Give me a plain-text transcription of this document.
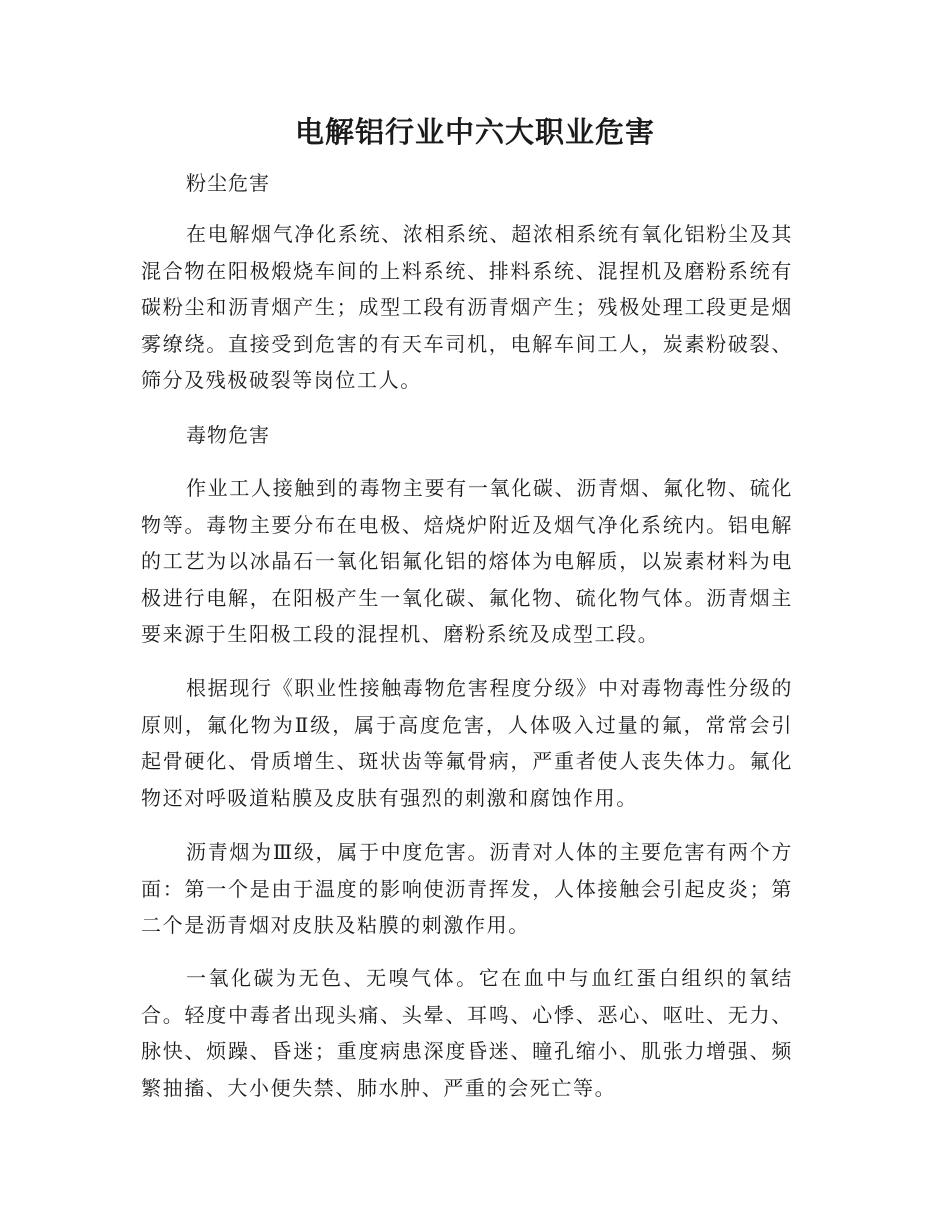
电解铝行业中六大职业危害

粉尘危害

在电解烟气净化系统、浓相系统、超浓相系统有氧化铝粉尘及其混合物在阳极煅烧车间的上料系统、排料系统、混捏机及磨粉系统有碳粉尘和沥青烟产生；成型工段有沥青烟产生；残极处理工段更是烟雾缭绕。直接受到危害的有天车司机，电解车间工人，炭素粉破裂、筛分及残极破裂等岗位工人。

毒物危害

作业工人接触到的毒物主要有一氧化碳、沥青烟、氟化物、硫化物等。毒物主要分布在电极、焙烧炉附近及烟气净化系统内。铝电解的工艺为以冰晶石一氧化铝氟化铝的熔体为电解质，以炭素材料为电极进行电解，在阳极产生一氧化碳、氟化物、硫化物气体。沥青烟主要来源于生阳极工段的混捏机、磨粉系统及成型工段。

根据现行《职业性接触毒物危害程度分级》中对毒物毒性分级的原则，氟化物为Ⅱ级，属于高度危害，人体吸入过量的氟，常常会引起骨硬化、骨质增生、斑状齿等氟骨病，严重者使人丧失体力。氟化物还对呼吸道粘膜及皮肤有强烈的刺激和腐蚀作用。

沥青烟为Ⅲ级，属于中度危害。沥青对人体的主要危害有两个方面：第一个是由于温度的影响使沥青挥发，人体接触会引起皮炎；第二个是沥青烟对皮肤及粘膜的刺激作用。

一氧化碳为无色、无嗅气体。它在血中与血红蛋白组织的氧结合。轻度中毒者出现头痛、头晕、耳鸣、心悸、恶心、呕吐、无力、脉快、烦躁、昏迷；重度病患深度昏迷、瞳孔缩小、肌张力增强、频繁抽搐、大小便失禁、肺水肿、严重的会死亡等。
